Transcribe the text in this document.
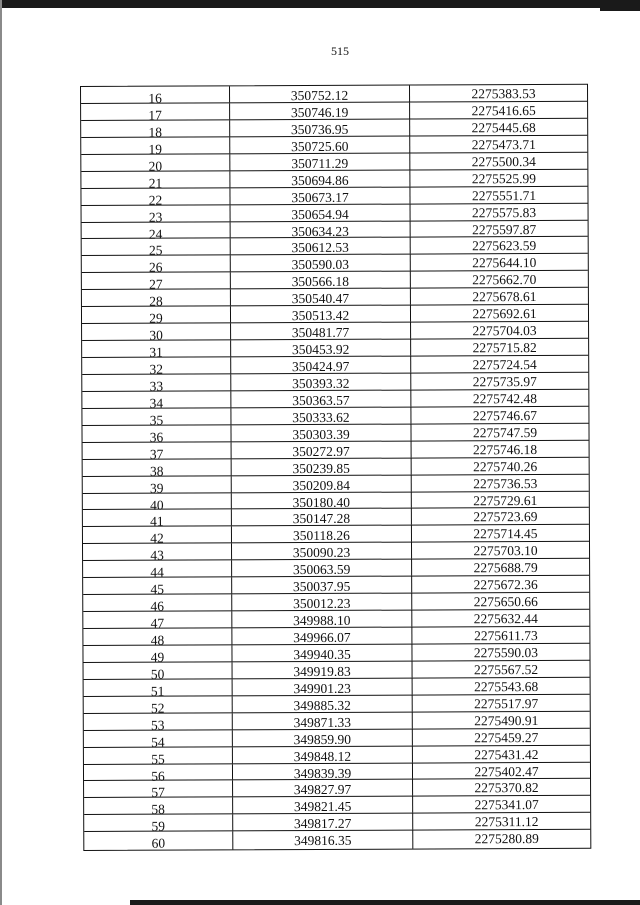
515
16	350752.12	2275383.53
17	350746.19	2275416.65
18	350736.95	2275445.68
19	350725.60	2275473.71
20	350711.29	2275500.34
21	350694.86	2275525.99
22	350673.17	2275551.71
23	350654.94	2275575.83
24	350634.23	2275597.87
25	350612.53	2275623.59
26	350590.03	2275644.10
27	350566.18	2275662.70
28	350540.47	2275678.61
29	350513.42	2275692.61
30	350481.77	2275704.03
31	350453.92	2275715.82
32	350424.97	2275724.54
33	350393.32	2275735.97
34	350363.57	2275742.48
35	350333.62	2275746.67
36	350303.39	2275747.59
37	350272.97	2275746.18
38	350239.85	2275740.26
39	350209.84	2275736.53
40	350180.40	2275729.61
41	350147.28	2275723.69
42	350118.26	2275714.45
43	350090.23	2275703.10
44	350063.59	2275688.79
45	350037.95	2275672.36
46	350012.23	2275650.66
47	349988.10	2275632.44
48	349966.07	2275611.73
49	349940.35	2275590.03
50	349919.83	2275567.52
51	349901.23	2275543.68
52	349885.32	2275517.97
53	349871.33	2275490.91
54	349859.90	2275459.27
55	349848.12	2275431.42
56	349839.39	2275402.47
57	349827.97	2275370.82
58	349821.45	2275341.07
59	349817.27	2275311.12
60	349816.35	2275280.89
